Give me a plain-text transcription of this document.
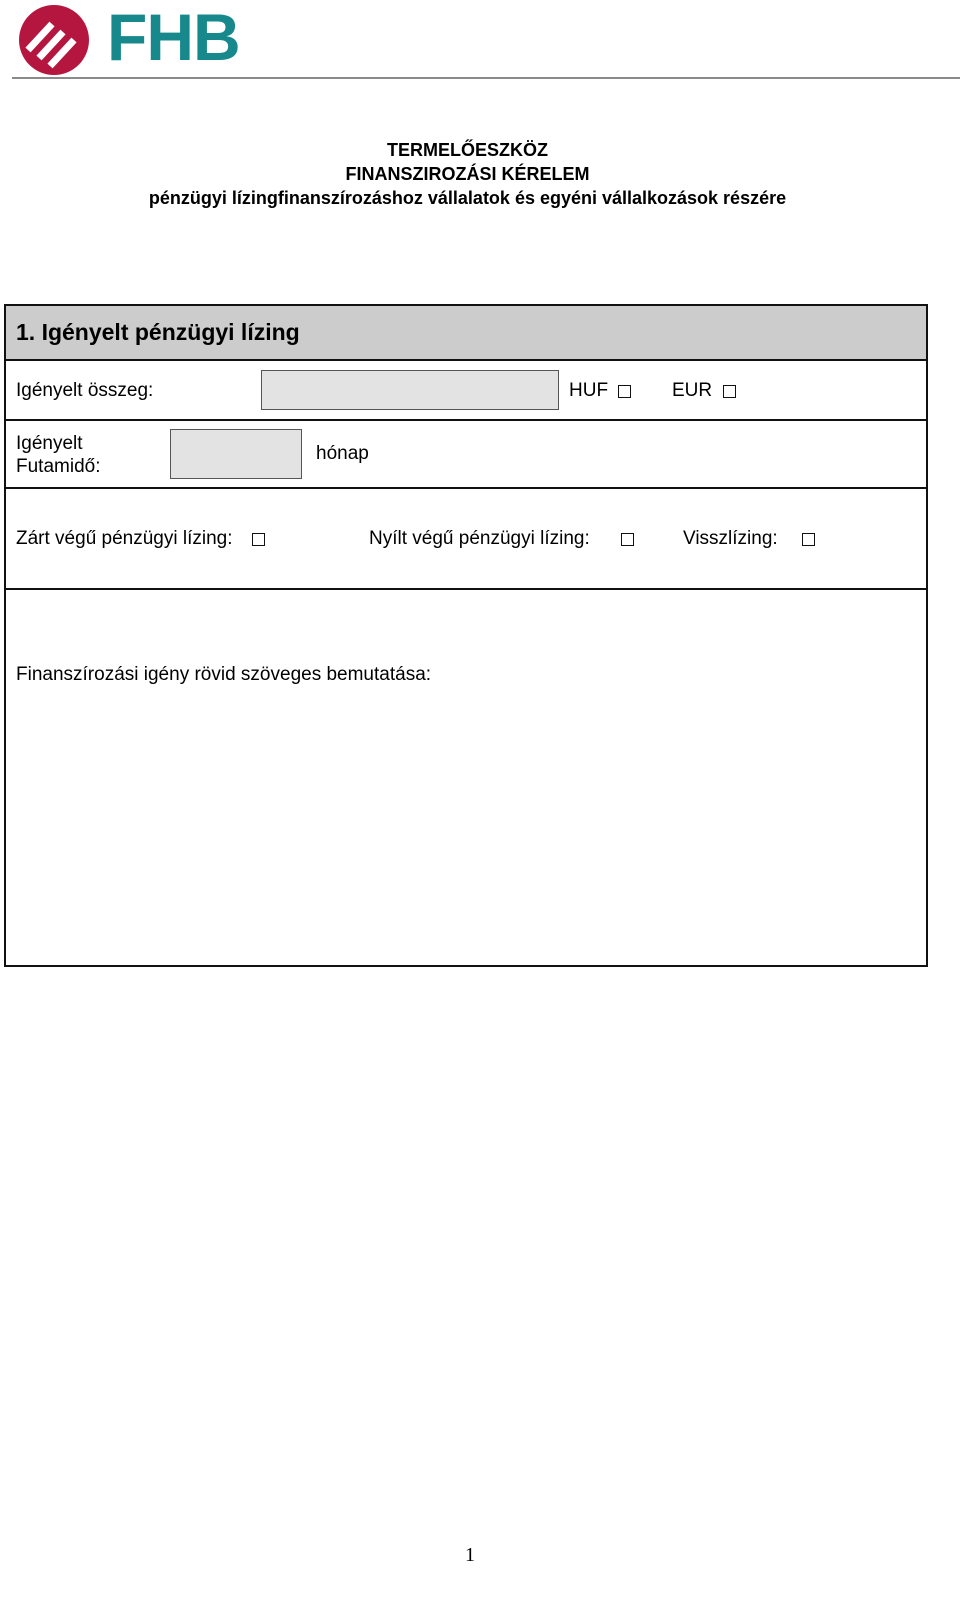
FHB
TERMELŐESZKÖZ
FINANSZIROZÁSI KÉRELEM
pénzügyi lízingfinanszírozáshoz vállalatok és egyéni vállalkozások részére
1. Igényelt pénzügyi lízing
Igényelt összeg:	HUF	EUR
Igényelt
Futamidő:
hónap
Zárt végű pénzügyi lízing:	Nyílt végű pénzügyi lízing:	Visszlízing:
Finanszírozási igény rövid szöveges bemutatása:
1
